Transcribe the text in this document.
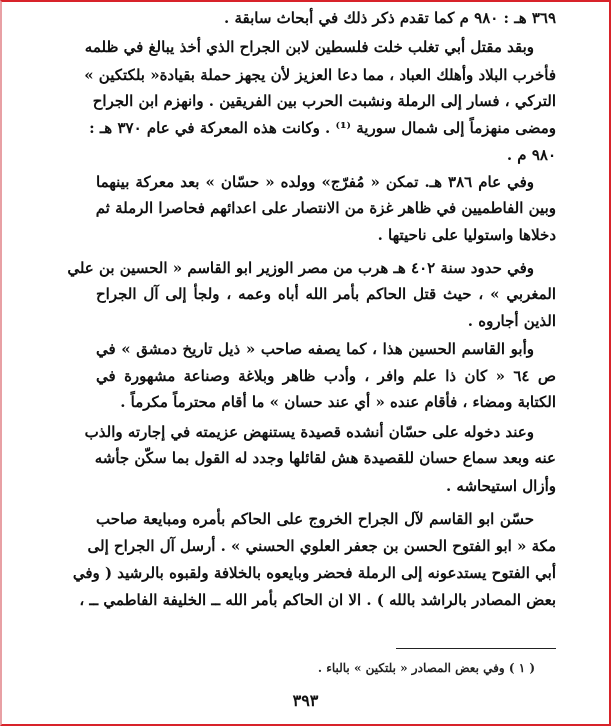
٣٦٩ هـ : ٩٨٠ م كما تقدم ذكر ذلك في أبحاث سابقة .
وبقد مقتل أبي تغلب خلت فلسطين لابن الجراح الذي أخذ يبالغ في ظلمه
فأخرب البلاد وأهلك العباد ، مما دعا العزيز لأن يجهز حملة بقيادة« بلكتكين »
التركي ، فسار إلى الرملة ونشبت الحرب بين الفريقين . وانهزم ابن الجراح
ومضى منهزماً إلى شمال سورية ⁽¹⁾ . وكانت هذه المعركة في عام ٣٧٠ هـ :
٩٨٠ م .
وفي عام ٣٨٦ هـ. تمكن « مُفرّج» وولده « حسّان » بعد معركة بينهما
وبين الفاطميين في ظاهر غزة من الانتصار على اعدائهم فحاصرا الرملة ثم
دخلاها واستوليا على ناحيتها .
وفي حدود سنة ٤٠٢ هـ هرب من مصر الوزير ابو القاسم « الحسين بن علي
المغربي » ، حيث قتل الحاكم بأمر الله أباه وعمه ، ولجأ إلى آل الجراح
الذين أجاروه .
وأبو القاسم الحسين هذا ، كما يصفه صاحب « ذيل تاريخ دمشق » في
ص ٦٤ « كان ذا علم وافر ، وأدب ظاهر وبلاغة وصناعة مشهورة في
الكتابة ومضاء ، فأقام عنده « أي عند حسان » ما أقام محترماً مكرماً .
وعند دخوله على حسّان أنشده قصيدة يستنهض عزيمته في إجارته والذب
عنه وبعد سماع حسان للقصيدة هش لقائلها وجدد له القول بما سكّن جأشه
وأزال استيحاشه .
حسّن ابو القاسم لآل الجراح الخروج على الحاكم بأمره ومبايعة صاحب
مكة « ابو الفتوح الحسن بن جعفر العلوي الحسني » . أرسل آل الجراح إلى
أبي الفتوح يستدعونه إلى الرملة فحضر وبايعوه بالخلافة ولقبوه بالرشيد ( وفي
بعض المصادر بالراشد بالله ) . الا ان الحاكم بأمر الله ــ الخليفة الفاطمي ــ ،
( ١ ) وفي بعض المصادر « بلتكين » بالباء .
٣٩٣
